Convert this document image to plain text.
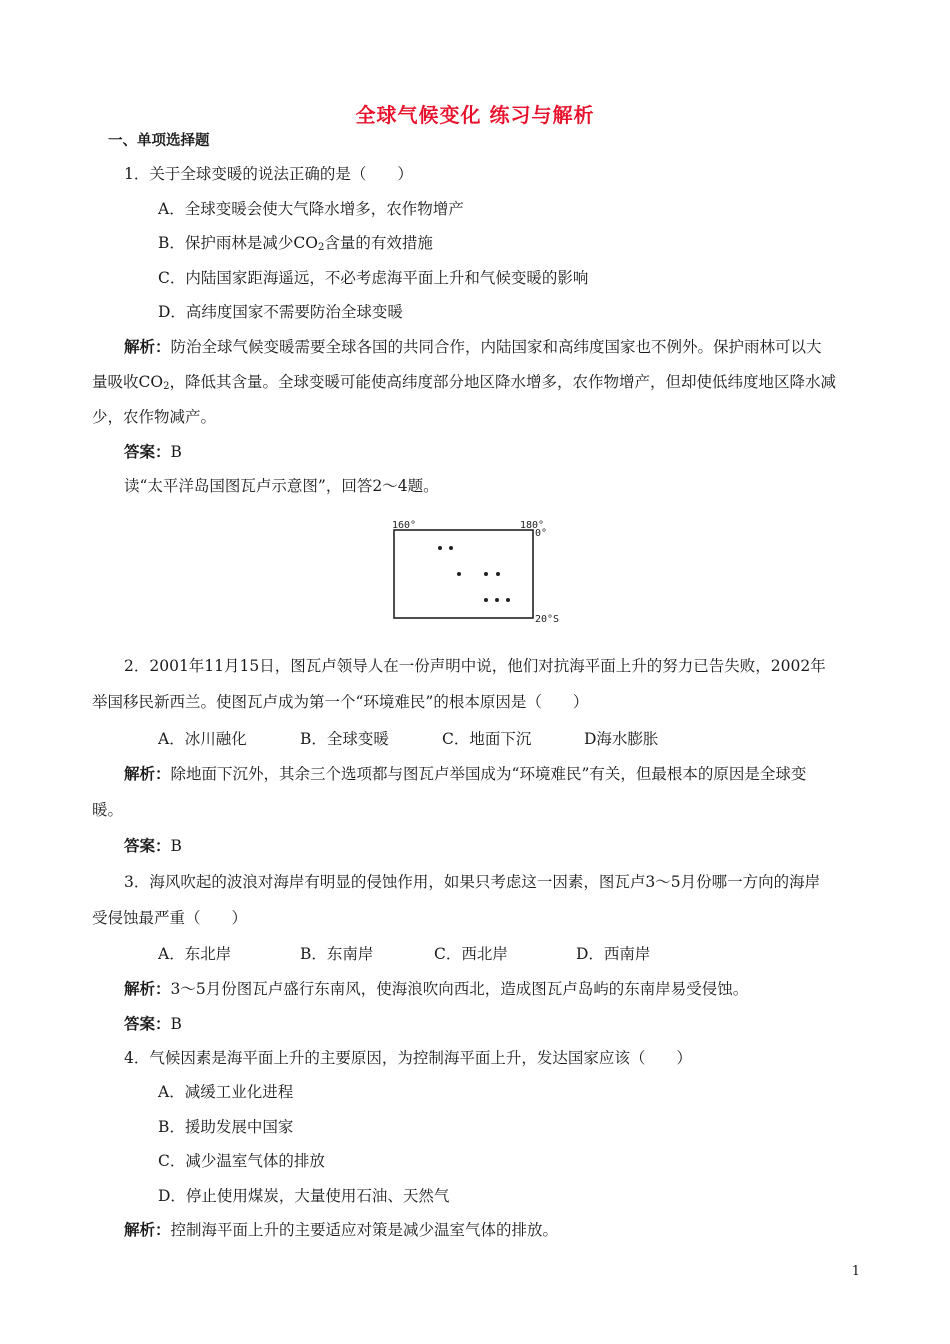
全球气候变化 练习与解析
一、单项选择题
1．关于全球变暖的说法正确的是（　　）
A．全球变暖会使大气降水增多，农作物增产
B．保护雨林是减少$CO_2$含量的有效措施
C．内陆国家距海遥远，不必考虑海平面上升和气候变暖的影响
D．高纬度国家不需要防治全球变暖
解析：防治全球气候变暖需要全球各国的共同合作，内陆国家和高纬度国家也不例外。保护雨林可以大
量吸收$CO_2$，降低其含量。全球变暖可能使高纬度部分地区降水增多，农作物增产，但却使低纬度地区降水减
少，农作物减产。
答案：B
读“太平洋岛国图瓦卢示意图”，回答2～4题。
160°	180°
0°
20°S
2．2001年11月15日，图瓦卢领导人在一份声明中说，他们对抗海平面上升的努力已告失败，2002年
举国移民新西兰。使图瓦卢成为第一个“环境难民”的根本原因是（　　）
A．冰川融化	B．全球变暖	C．地面下沉	D海水膨胀
解析：除地面下沉外，其余三个选项都与图瓦卢举国成为“环境难民”有关，但最根本的原因是全球变
暖。
答案：B
3．海风吹起的波浪对海岸有明显的侵蚀作用，如果只考虑这一因素，图瓦卢3～5月份哪一方向的海岸
受侵蚀最严重（　　）
A．东北岸	B．东南岸	C．西北岸	D．西南岸
解析：3～5月份图瓦卢盛行东南风，使海浪吹向西北，造成图瓦卢岛屿的东南岸易受侵蚀。
答案：B
4．气候因素是海平面上升的主要原因，为控制海平面上升，发达国家应该（　　）
A．减缓工业化进程
B．援助发展中国家
C．减少温室气体的排放
D．停止使用煤炭，大量使用石油、天然气
解析：控制海平面上升的主要适应对策是减少温室气体的排放。
1
